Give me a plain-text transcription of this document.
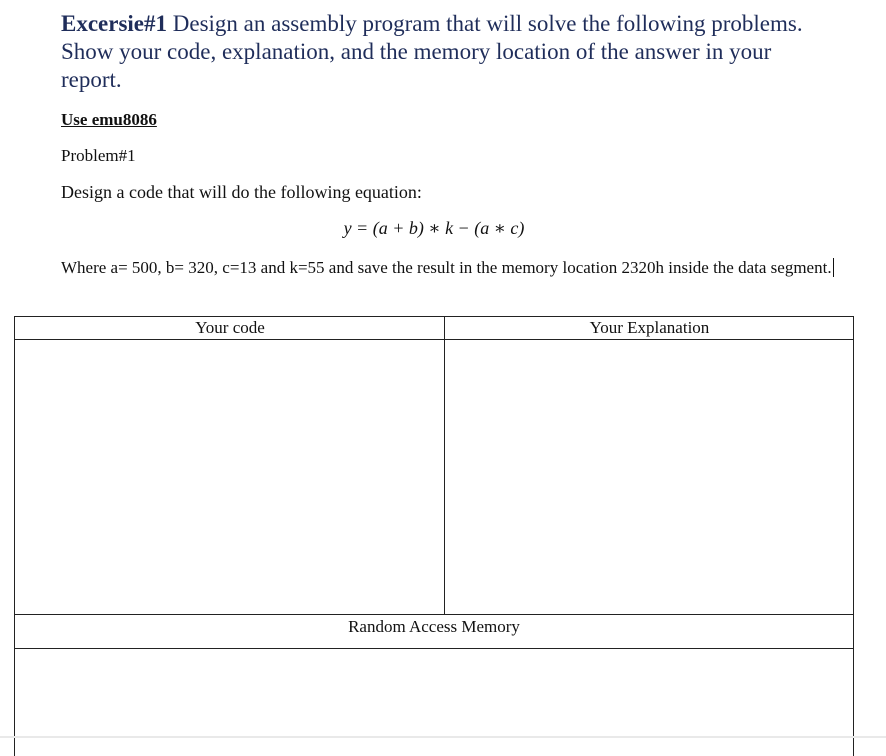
Excersie#1 Design an assembly program that will solve the following problems. Show your code, explanation, and the memory location of the answer in your report.
Use emu8086
Problem#1
Design a code that will do the following equation:
y = (a + b) ∗ k − (a ∗ c)
Where a= 500, b= 320, c=13 and k=55 and save the result in the memory location 2320h inside the data segment.
Your code	Your Explanation
Random Access Memory
